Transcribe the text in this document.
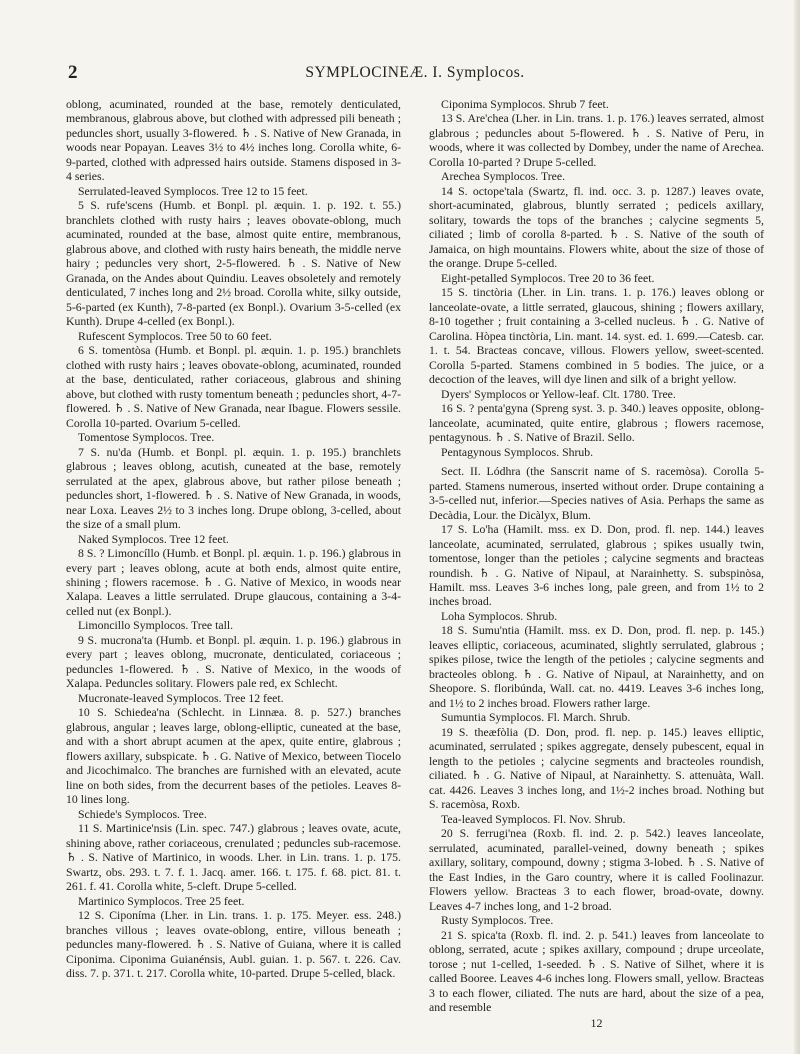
2	SYMPLOCINEÆ. I. Symplocos.

oblong, acuminated, rounded at the base, remotely denticulated, membranous, glabrous above, but clothed with adpressed pili beneath ; peduncles short, usually 3-flowered. ♄ . S. Native of New Granada, in woods near Popayan. Leaves 3½ to 4½ inches long. Corolla white, 6-9-parted, clothed with adpressed hairs outside. Stamens disposed in 3-4 series.

Serrulated-leaved Symplocos. Tree 12 to 15 feet.

5 S. rufe'scens (Humb. et Bonpl. pl. æquin. 1. p. 192. t. 55.) branchlets clothed with rusty hairs ; leaves obovate-oblong, much acuminated, rounded at the base, almost quite entire, membranous, glabrous above, and clothed with rusty hairs beneath, the middle nerve hairy ; peduncles very short, 2-5-flowered. ♄ . S. Native of New Granada, on the Andes about Quindiu. Leaves obsoletely and remotely denticulated, 7 inches long and 2½ broad. Corolla white, silky outside, 5-6-parted (ex Kunth), 7-8-parted (ex Bonpl.). Ovarium 3-5-celled (ex Kunth). Drupe 4-celled (ex Bonpl.).

Rufescent Symplocos. Tree 50 to 60 feet.

6 S. tomentòsa (Humb. et Bonpl. pl. æquin. 1. p. 195.) branchlets clothed with rusty hairs ; leaves obovate-oblong, acuminated, rounded at the base, denticulated, rather coriaceous, glabrous and shining above, but clothed with rusty tomentum beneath ; peduncles short, 4-7-flowered. ♄ . S. Native of New Granada, near Ibague. Flowers sessile. Corolla 10-parted. Ovarium 5-celled.

Tomentose Symplocos. Tree.

7 S. nu'da (Humb. et Bonpl. pl. æquin. 1. p. 195.) branchlets glabrous ; leaves oblong, acutish, cuneated at the base, remotely serrulated at the apex, glabrous above, but rather pilose beneath ; peduncles short, 1-flowered. ♄ . S. Native of New Granada, in woods, near Loxa. Leaves 2½ to 3 inches long. Drupe oblong, 3-celled, about the size of a small plum.

Naked Symplocos. Tree 12 feet.

8 S. ? Limoncíllo (Humb. et Bonpl. pl. æquin. 1. p. 196.) glabrous in every part ; leaves oblong, acute at both ends, almost quite entire, shining ; flowers racemose. ♄ . G. Native of Mexico, in woods near Xalapa. Leaves a little serrulated. Drupe glaucous, containing a 3-4-celled nut (ex Bonpl.).

Limoncillo Symplocos. Tree tall.

9 S. mucrona'ta (Humb. et Bonpl. pl. æquin. 1. p. 196.) glabrous in every part ; leaves oblong, mucronate, denticulated, coriaceous ; peduncles 1-flowered. ♄ . S. Native of Mexico, in the woods of Xalapa. Peduncles solitary. Flowers pale red, ex Schlecht.

Mucronate-leaved Symplocos. Tree 12 feet.

10 S. Schiedea'na (Schlecht. in Linnæa. 8. p. 527.) branches glabrous, angular ; leaves large, oblong-elliptic, cuneated at the base, and with a short abrupt acumen at the apex, quite entire, glabrous ; flowers axillary, subspicate. ♄ . G. Native of Mexico, between Tiocelo and Jicochimalco. The branches are furnished with an elevated, acute line on both sides, from the decurrent bases of the petioles. Leaves 8-10 lines long.

Schiede's Symplocos. Tree.

11 S. Martinice'nsis (Lin. spec. 747.) glabrous ; leaves ovate, acute, shining above, rather coriaceous, crenulated ; peduncles sub-racemose. ♄ . S. Native of Martinico, in woods. Lher. in Lin. trans. 1. p. 175. Swartz, obs. 293. t. 7. f. 1. Jacq. amer. 166. t. 175. f. 68. pict. 81. t. 261. f. 41. Corolla white, 5-cleft. Drupe 5-celled.

Martinico Symplocos. Tree 25 feet.

12 S. Ciponíma (Lher. in Lin. trans. 1. p. 175. Meyer. ess. 248.) branches villous ; leaves ovate-oblong, entire, villous beneath ; peduncles many-flowered. ♄ . S. Native of Guiana, where it is called Ciponima. Ciponima Guianénsis, Aubl. guian. 1. p. 567. t. 226. Cav. diss. 7. p. 371. t. 217. Corolla white, 10-parted. Drupe 5-celled, black.

Ciponima Symplocos. Shrub 7 feet.

13 S. Are'chea (Lher. in Lin. trans. 1. p. 176.) leaves serrated, almost glabrous ; peduncles about 5-flowered. ♄ . S. Native of Peru, in woods, where it was collected by Dombey, under the name of Arechea. Corolla 10-parted ? Drupe 5-celled.

Arechea Symplocos. Tree.

14 S. octope'tala (Swartz, fl. ind. occ. 3. p. 1287.) leaves ovate, short-acuminated, glabrous, bluntly serrated ; pedicels axillary, solitary, towards the tops of the branches ; calycine segments 5, ciliated ; limb of corolla 8-parted. ♄ . S. Native of the south of Jamaica, on high mountains. Flowers white, about the size of those of the orange. Drupe 5-celled.

Eight-petalled Symplocos. Tree 20 to 36 feet.

15 S. tinctòria (Lher. in Lin. trans. 1. p. 176.) leaves oblong or lanceolate-ovate, a little serrated, glaucous, shining ; flowers axillary, 8-10 together ; fruit containing a 3-celled nucleus. ♄ . G. Native of Carolina. Hòpea tinctòria, Lin. mant. 14. syst. ed. 1. 699.—Catesb. car. 1. t. 54. Bracteas concave, villous. Flowers yellow, sweet-scented. Corolla 5-parted. Stamens combined in 5 bodies. The juice, or a decoction of the leaves, will dye linen and silk of a bright yellow.

Dyers' Symplocos or Yellow-leaf. Clt. 1780. Tree.

16 S. ? penta'gyna (Spreng syst. 3. p. 340.) leaves opposite, oblong-lanceolate, acuminated, quite entire, glabrous ; flowers racemose, pentagynous. ♄ . S. Native of Brazil. Sello.

Pentagynous Symplocos. Shrub.

Sect. II. Lódhra (the Sanscrit name of S. racemòsa). Corolla 5-parted. Stamens numerous, inserted without order. Drupe containing a 3-5-celled nut, inferior.—Species natives of Asia. Perhaps the same as Decàdia, Lour. the Dicàlyx, Blum.

17 S. Lo'ha (Hamilt. mss. ex D. Don, prod. fl. nep. 144.) leaves lanceolate, acuminated, serrulated, glabrous ; spikes usually twin, tomentose, longer than the petioles ; calycine segments and bracteas roundish. ♄ . G. Native of Nipaul, at Narainhetty. S. subspinòsa, Hamilt. mss. Leaves 3-6 inches long, pale green, and from 1½ to 2 inches broad.

Loha Symplocos. Shrub.

18 S. Sumu'ntia (Hamilt. mss. ex D. Don, prod. fl. nep. p. 145.) leaves elliptic, coriaceous, acuminated, slightly serrulated, glabrous ; spikes pilose, twice the length of the petioles ; calycine segments and bracteoles oblong. ♄ . G. Native of Nipaul, at Narainhetty, and on Sheopore. S. floribúnda, Wall. cat. no. 4419. Leaves 3-6 inches long, and 1½ to 2 inches broad. Flowers rather large.

Sumuntia Symplocos. Fl. March. Shrub.

19 S. theæfòlia (D. Don, prod. fl. nep. p. 145.) leaves elliptic, acuminated, serrulated ; spikes aggregate, densely pubescent, equal in length to the petioles ; calycine segments and bracteoles roundish, ciliated. ♄ . G. Native of Nipaul, at Narainhetty. S. attenuàta, Wall. cat. 4426. Leaves 3 inches long, and 1½-2 inches broad. Nothing but S. racemòsa, Roxb.

Tea-leaved Symplocos. Fl. Nov. Shrub.

20 S. ferrugi'nea (Roxb. fl. ind. 2. p. 542.) leaves lanceolate, serrulated, acuminated, parallel-veined, downy beneath ; spikes axillary, solitary, compound, downy ; stigma 3-lobed. ♄ . S. Native of the East Indies, in the Garo country, where it is called Foolinazur. Flowers yellow. Bracteas 3 to each flower, broad-ovate, downy. Leaves 4-7 inches long, and 1-2 broad.

Rusty Symplocos. Tree.

21 S. spica'ta (Roxb. fl. ind. 2. p. 541.) leaves from lanceolate to oblong, serrated, acute ; spikes axillary, compound ; drupe urceolate, torose ; nut 1-celled, 1-seeded. ♄ . S. Native of Silhet, where it is called Booree. Leaves 4-6 inches long. Flowers small, yellow. Bracteas 3 to each flower, ciliated. The nuts are hard, about the size of a pea, and resemble

12
